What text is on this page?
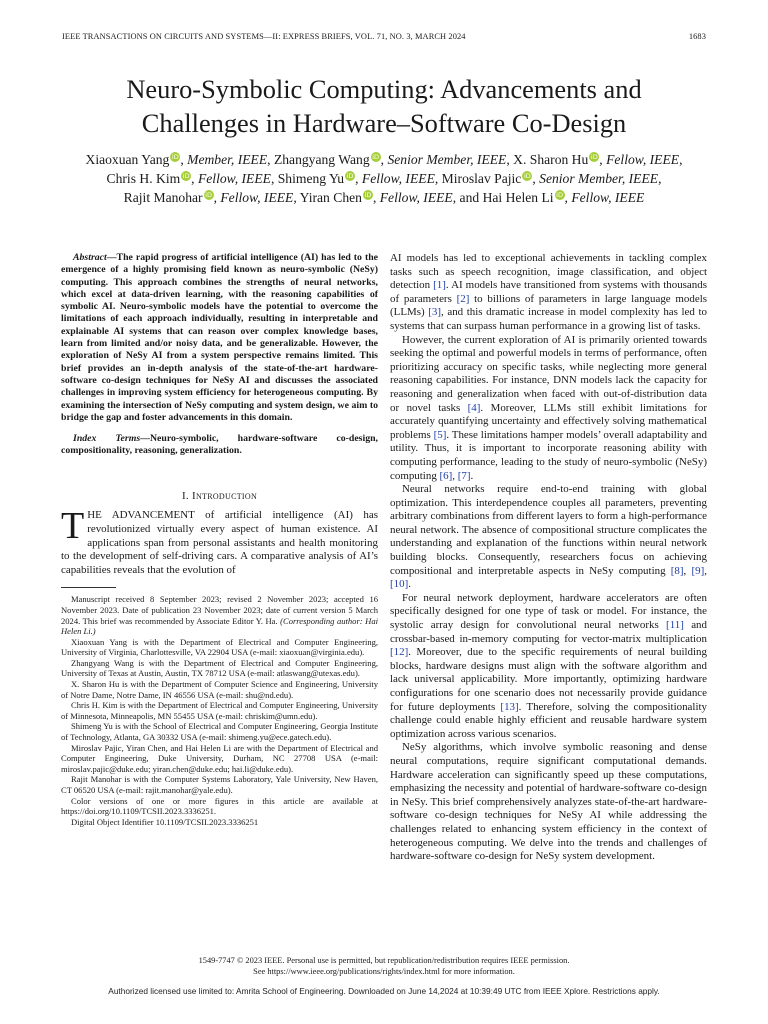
IEEE TRANSACTIONS ON CIRCUITS AND SYSTEMS—II: EXPRESS BRIEFS, VOL. 71, NO. 3, MARCH 2024	1683
Neuro-Symbolic Computing: Advancements and
Challenges in Hardware–Software Co-Design
Xiaoxuan Yang iD , Member, IEEE, Zhangyang Wang iD , Senior Member, IEEE, X. Sharon Hu iD , Fellow, IEEE,
Chris H. Kim iD , Fellow, IEEE, Shimeng Yu iD , Fellow, IEEE, Miroslav Pajic iD , Senior Member, IEEE,
Rajit Manohar iD , Fellow, IEEE, Yiran Chen iD , Fellow, IEEE, and Hai Helen Li iD , Fellow, IEEE

Abstract—The rapid progress of artificial intelligence (AI) has led to the emergence of a highly promising field known as neuro-symbolic (NeSy) computing. This approach combines the strengths of neural networks, which excel at data-driven learning, with the reasoning capabilities of symbolic AI. Neuro-symbolic models have the potential to overcome the limitations of each approach individually, resulting in interpretable and explainable AI systems that can reason over complex knowledge bases, learn from limited and/or noisy data, and be generalizable. However, the exploration of NeSy AI from a system perspective remains limited. This brief provides an in-depth analysis of the state-of-the-art hardware-software co-design techniques for NeSy AI and discusses the associated challenges in improving system efficiency for heterogeneous computing. By examining the intersection of NeSy computing and system design, we aim to bridge the gap and foster advancements in this domain.

Index Terms—Neuro-symbolic, hardware-software co-design, compositionality, reasoning, generalization.

I. Introduction

THE ADVANCEMENT of artificial intelligence (AI) has revolutionized virtually every aspect of human existence. AI applications span from personal assistants and health monitoring to the development of self-driving cars. A comparative analysis of AI’s capabilities reveals that the evolution of

Manuscript received 8 September 2023; revised 2 November 2023; accepted 16 November 2023. Date of publication 23 November 2023; date of current version 5 March 2024. This brief was recommended by Associate Editor Y. Ha. (Corresponding author: Hai Helen Li.)

Xiaoxuan Yang is with the Department of Electrical and Computer Engineering, University of Virginia, Charlottesville, VA 22904 USA (e-mail: xiaoxuan@virginia.edu).

Zhangyang Wang is with the Department of Electrical and Computer Engineering, University of Texas at Austin, Austin, TX 78712 USA (e-mail: atlaswang@utexas.edu).

X. Sharon Hu is with the Department of Computer Science and Engineering, University of Notre Dame, Notre Dame, IN 46556 USA (e-mail: shu@nd.edu).

Chris H. Kim is with the Department of Electrical and Computer Engineering, University of Minnesota, Minneapolis, MN 55455 USA (e-mail: chriskim@umn.edu).

Shimeng Yu is with the School of Electrical and Computer Engineering, Georgia Institute of Technology, Atlanta, GA 30332 USA (e-mail: shimeng.yu@ece.gatech.edu).

Miroslav Pajic, Yiran Chen, and Hai Helen Li are with the Department of Electrical and Computer Engineering, Duke University, Durham, NC 27708 USA (e-mail: miroslav.pajic@duke.edu; yiran.chen@duke.edu; hai.li@duke.edu).

Rajit Manohar is with the Computer Systems Laboratory, Yale University, New Haven, CT 06520 USA (e-mail: rajit.manohar@yale.edu).

Color versions of one or more figures in this article are available at https://doi.org/10.1109/TCSII.2023.3336251.

Digital Object Identifier 10.1109/TCSII.2023.3336251

AI models has led to exceptional achievements in tackling complex tasks such as speech recognition, image classification, and object detection [1]. AI models have transitioned from systems with thousands of parameters [2] to billions of parameters in large language models (LLMs) [3], and this dramatic increase in model complexity has led to systems that can surpass human performance in a growing list of tasks.

However, the current exploration of AI is primarily oriented towards seeking the optimal and powerful models in terms of performance, often prioritizing accuracy on specific tasks, while neglecting more general reasoning capabilities. For instance, DNN models lack the capacity for reasoning and generalization when faced with out-of-distribution data or novel tasks [4]. Moreover, LLMs still exhibit limitations for accurately quantifying uncertainty and effectively solving mathematical problems [5]. These limitations hamper models’ overall adaptability and utility. Thus, it is important to incorporate reasoning ability with computing performance, leading to the study of neuro-symbolic (NeSy) computing [6], [7].

Neural networks require end-to-end training with global optimization. This interdependence couples all parameters, preventing arbitrary combinations from different layers to form a high-performance neural network. The absence of compositional structure complicates the understanding and explanation of the functions within neural network building blocks. Consequently, researchers focus on achieving compositional and interpretable aspects in NeSy computing [8], [9], [10].

For neural network deployment, hardware accelerators are often specifically designed for one type of task or model. For instance, the systolic array design for convolutional neural networks [11] and crossbar-based in-memory computing for vector-matrix multiplication [12]. Moreover, due to the specific requirements of neural building blocks, hardware designs must align with the software algorithm and lack universal applicability. More importantly, optimizing hardware configurations for one scenario does not necessarily provide guidance for future deployments [13]. Therefore, solving the compositionality challenge could enable highly efficient and reusable hardware system optimization across various scenarios.

NeSy algorithms, which involve symbolic reasoning and dense neural computations, require significant computational demands. Hardware acceleration can significantly speed up these computations, emphasizing the necessity and potential of hardware-software co-design in NeSy. This brief comprehensively analyzes state-of-the-art hardware-software co-design techniques for NeSy AI while addressing the challenges related to enhancing system efficiency in the context of heterogeneous computing. We delve into the trends and challenges of hardware-software co-design for NeSy system development.

1549-7747 © 2023 IEEE. Personal use is permitted, but republication/redistribution requires IEEE permission.
See https://www.ieee.org/publications/rights/index.html for more information.
Authorized licensed use limited to: Amrita School of Engineering. Downloaded on June 14,2024 at 10:39:49 UTC from IEEE Xplore. Restrictions apply.
